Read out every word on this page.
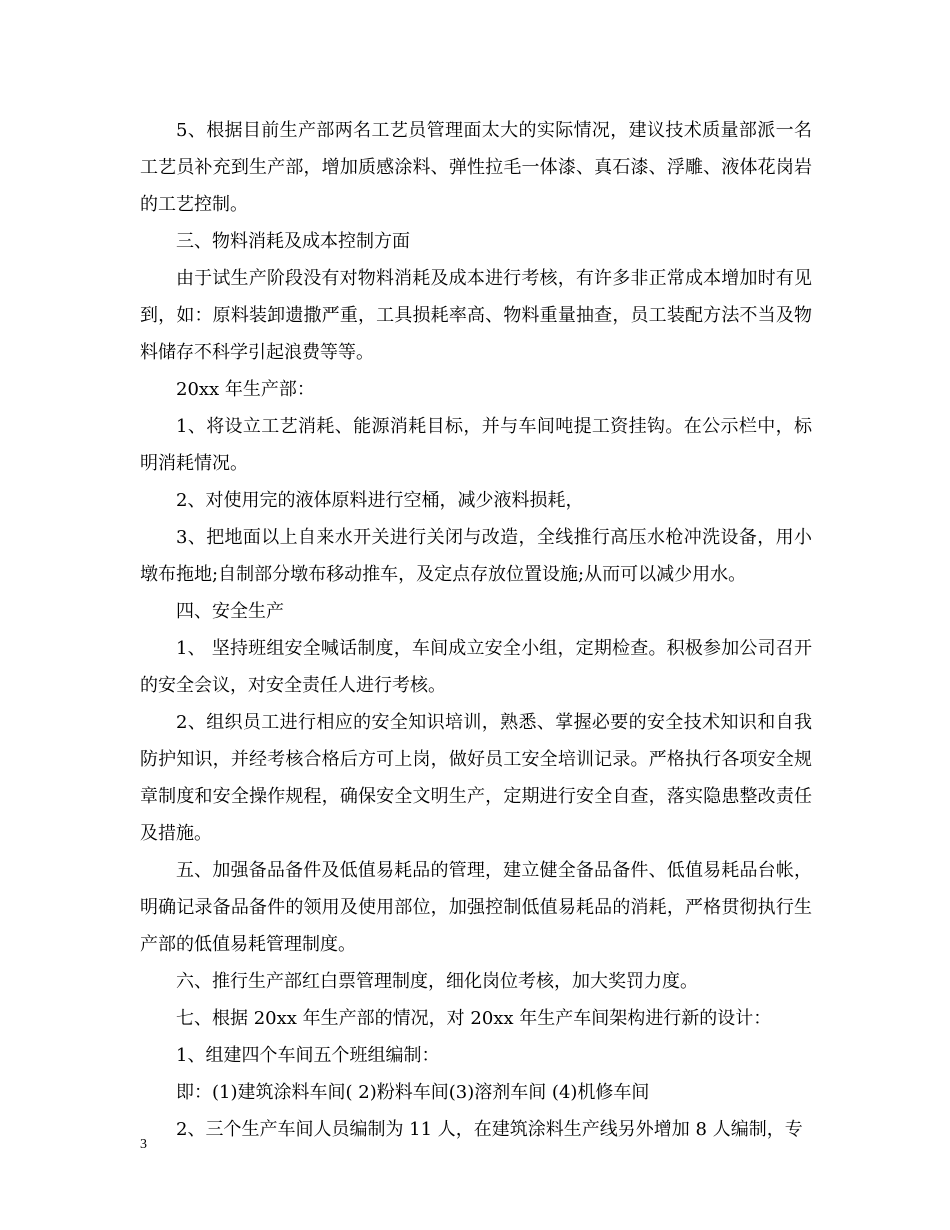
5、根据目前生产部两名工艺员管理面太大的实际情况，建议技术质量部派一名工艺员补充到生产部，增加质感涂料、弹性拉毛一体漆、真石漆、浮雕、液体花岗岩的工艺控制。

三、物料消耗及成本控制方面

由于试生产阶段没有对物料消耗及成本进行考核，有许多非正常成本增加时有见到，如：原料装卸遗撒严重，工具损耗率高、物料重量抽查，员工装配方法不当及物料储存不科学引起浪费等等。

20xx 年生产部：

1、将设立工艺消耗、能源消耗目标，并与车间吨提工资挂钩。在公示栏中，标明消耗情况。

2、对使用完的液体原料进行空桶，减少液料损耗，

3、把地面以上自来水开关进行关闭与改造，全线推行高压水枪冲洗设备，用小墩布拖地;自制部分墩布移动推车，及定点存放位置设施;从而可以减少用水。

四、安全生产

1、 坚持班组安全喊话制度，车间成立安全小组，定期检查。积极参加公司召开的安全会议，对安全责任人进行考核。

2、组织员工进行相应的安全知识培训，熟悉、掌握必要的安全技术知识和自我防护知识，并经考核合格后方可上岗，做好员工安全培训记录。严格执行各项安全规章制度和安全操作规程，确保安全文明生产，定期进行安全自查，落实隐患整改责任及措施。

五、加强备品备件及低值易耗品的管理，建立健全备品备件、低值易耗品台帐，明确记录备品备件的领用及使用部位，加强控制低值易耗品的消耗，严格贯彻执行生产部的低值易耗管理制度。

六、推行生产部红白票管理制度，细化岗位考核，加大奖罚力度。

七、根据 20xx 年生产部的情况，对 20xx 年生产车间架构进行新的设计：

1、组建四个车间五个班组编制：

即：(1)建筑涂料车间( 2)粉料车间(3)溶剂车间 (4)机修车间

2、三个生产车间人员编制为 11 人，在建筑涂料生产线另外增加 8 人编制，专

3
